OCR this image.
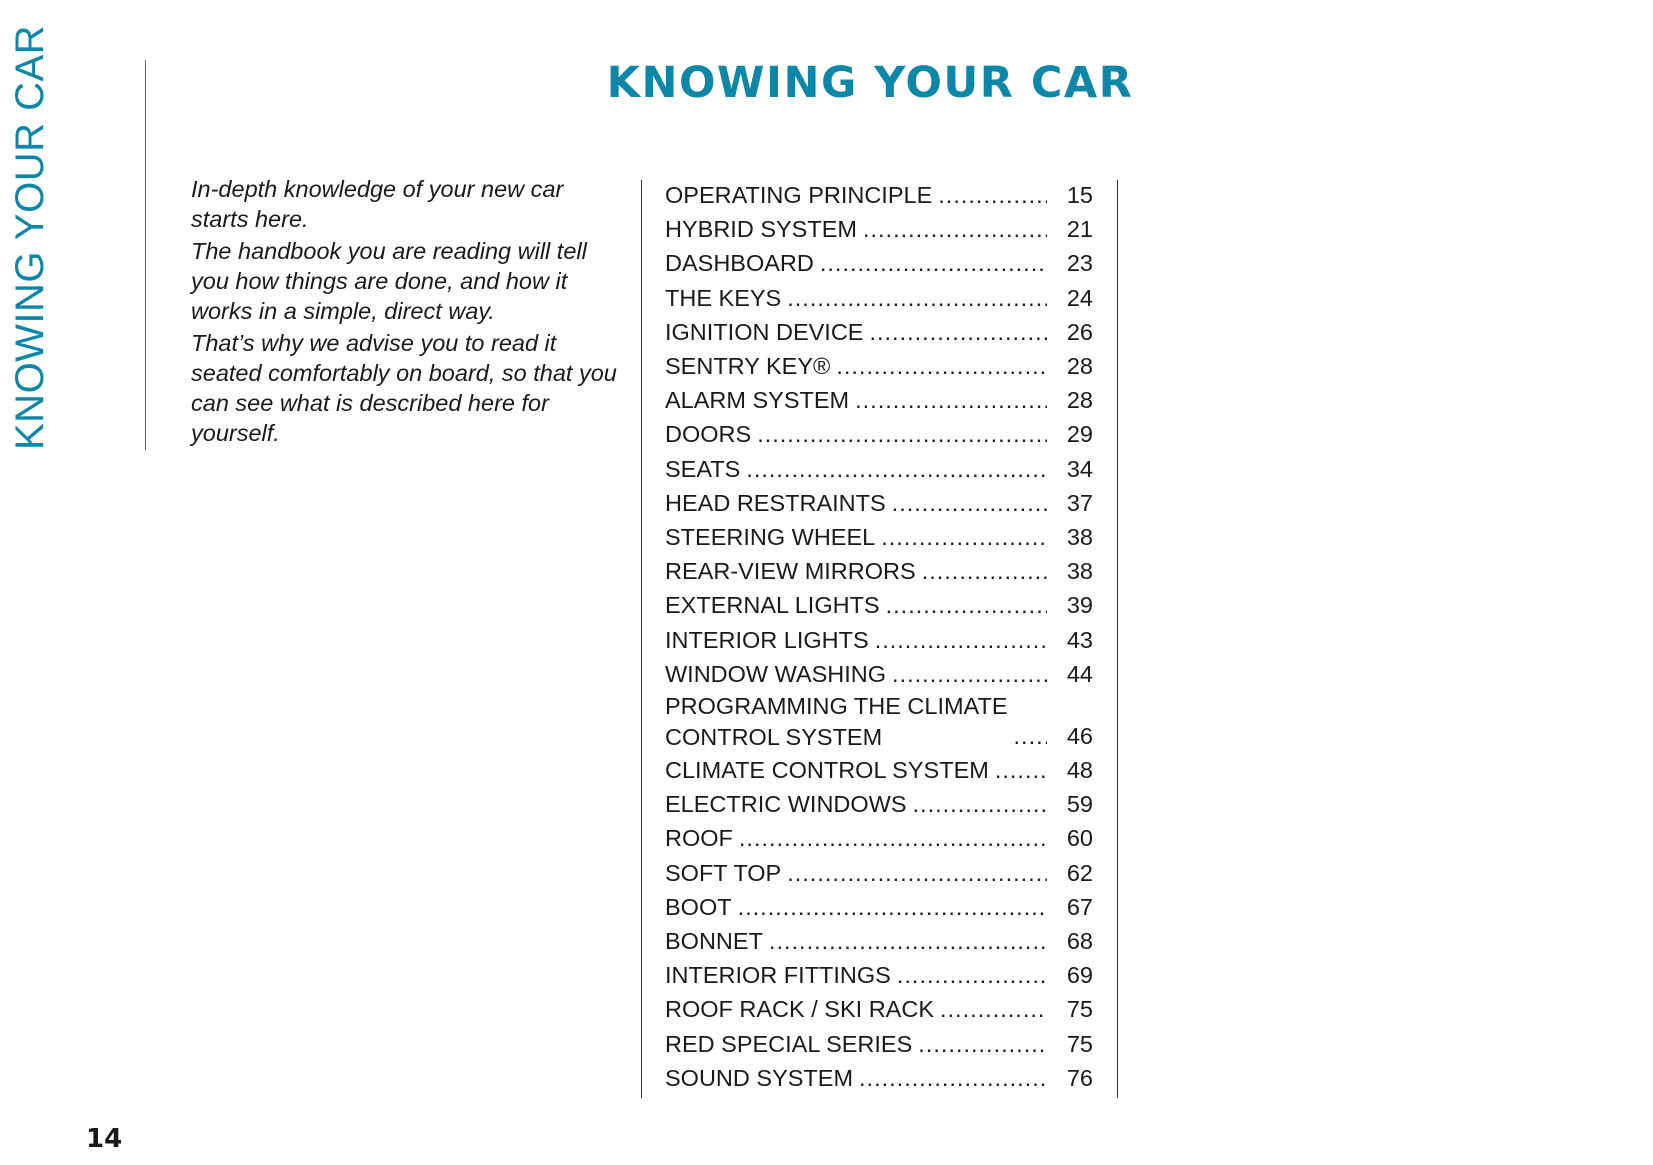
KNOWING YOUR CAR	KNOWING YOUR CAR

In-depth knowledge of your new car starts here.

The handbook you are reading will tell you how things are done, and how it works in a simple, direct way.

That’s why we advise you to read it seated comfortably on board, so that you can see what is described here for yourself.

OPERATING PRINCIPLE .....	15
HYBRID SYSTEM .....	21
DASHBOARD .....	23
THE KEYS .....	24
IGNITION DEVICE .....	26
SENTRY KEY® .....	28
ALARM SYSTEM .....	28
DOORS .....	29
SEATS .....	34
HEAD RESTRAINTS .....	37
STEERING WHEEL .....	38
REAR-VIEW MIRRORS .....	38
EXTERNAL LIGHTS .....	39
INTERIOR LIGHTS .....	43
WINDOW WASHING .....	44
PROGRAMMING THE CLIMATE
CONTROL SYSTEM .....	46
CLIMATE CONTROL SYSTEM .....	48
ELECTRIC WINDOWS .....	59
ROOF .....	60
SOFT TOP .....	62
BOOT .....	67
BONNET .....	68
INTERIOR FITTINGS .....	69
ROOF RACK / SKI RACK .....	75
RED SPECIAL SERIES .....	75
SOUND SYSTEM .....	76
14
